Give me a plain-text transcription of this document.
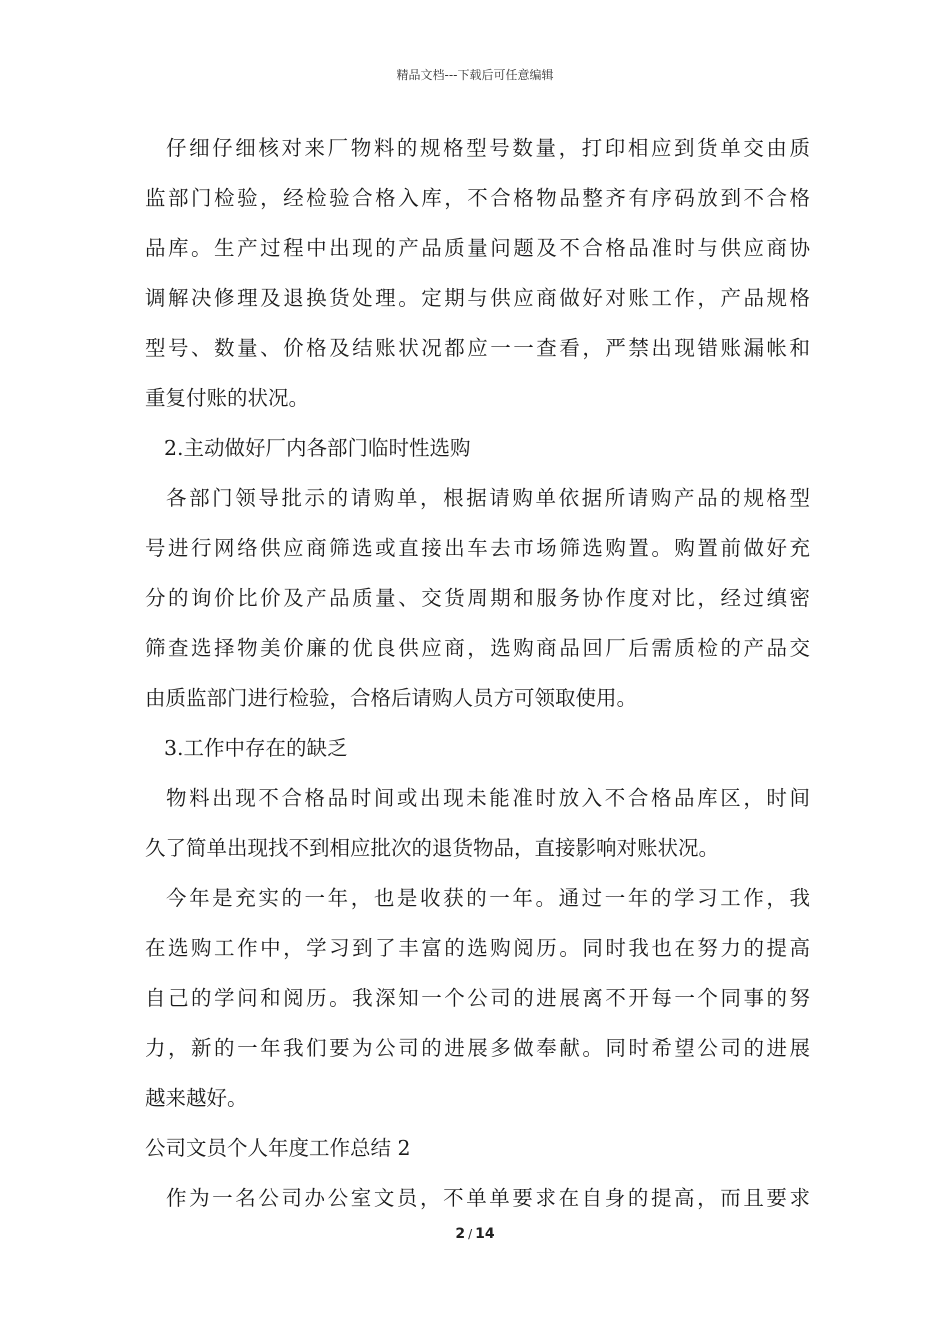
精品文档---下载后可任意编辑
仔细仔细核对来厂物料的规格型号数量，打印相应到货单交由质
监部门检验，经检验合格入库，不合格物品整齐有序码放到不合格
品库。生产过程中出现的产品质量问题及不合格品准时与供应商协
调解决修理及退换货处理。定期与供应商做好对账工作，产品规格
型号、数量、价格及结账状况都应一一查看，严禁出现错账漏帐和
重复付账的状况。
2.主动做好厂内各部门临时性选购
各部门领导批示的请购单，根据请购单依据所请购产品的规格型
号进行网络供应商筛选或直接出车去市场筛选购置。购置前做好充
分的询价比价及产品质量、交货周期和服务协作度对比，经过缜密
筛查选择物美价廉的优良供应商，选购商品回厂后需质检的产品交
由质监部门进行检验，合格后请购人员方可领取使用。
3.工作中存在的缺乏
物料出现不合格品时间或出现未能准时放入不合格品库区，时间
久了简单出现找不到相应批次的退货物品，直接影响对账状况。
今年是充实的一年，也是收获的一年。通过一年的学习工作，我
在选购工作中，学习到了丰富的选购阅历。同时我也在努力的提高
自己的学问和阅历。我深知一个公司的进展离不开每一个同事的努
力，新的一年我们要为公司的进展多做奉献。同时希望公司的进展
越来越好。
公司文员个人年度工作总结 2
作为一名公司办公室文员，不单单要求在自身的提高，而且要求
2 / 14
